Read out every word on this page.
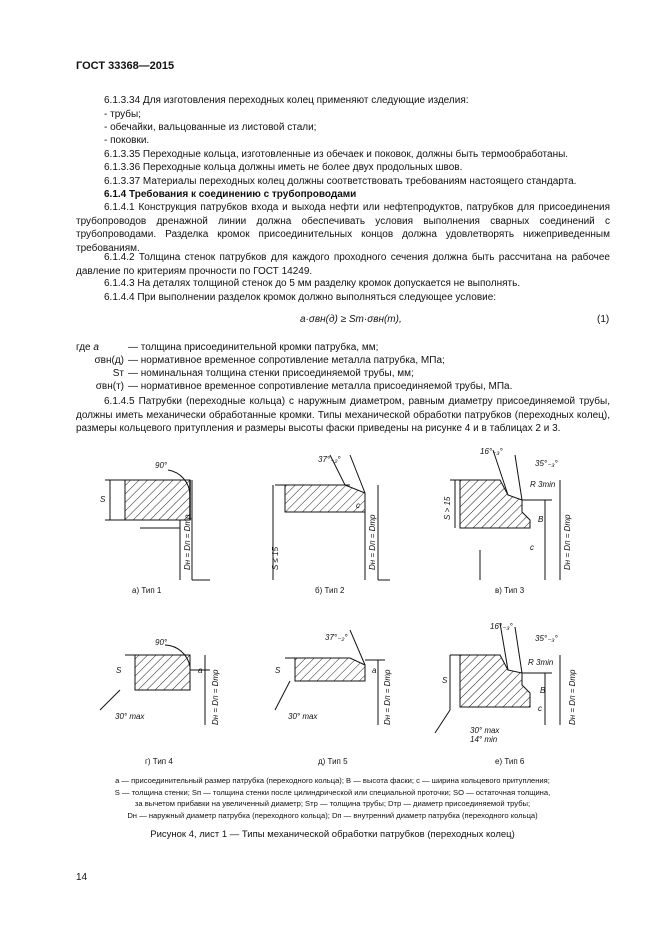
ГОСТ 33368—2015
6.1.3.34 Для изготовления переходных колец применяют следующие изделия:
- трубы;
- обечайки, вальцованные из листовой стали;
- поковки.
6.1.3.35 Переходные кольца, изготовленные из обечаек и поковок, должны быть термообработаны.
6.1.3.36 Переходные кольца должны иметь не более двух продольных швов.
6.1.3.37 Материалы переходных колец должны соответствовать требованиям настоящего стандарта.
6.1.4 Требования к соединению с трубопроводами
6.1.4.1 Конструкция патрубков входа и выхода нефти или нефтепродуктов, патрубков для присоединения трубопроводов дренажной линии должна обеспечивать условия выполнения сварных соединений с трубопроводами. Разделка кромок присоединительных концов должна удовлетворять нижеприведенным требованиям.
6.1.4.2 Толщина стенок патрубков для каждого проходного сечения должна быть рассчитана на рабочее давление по критериям прочности по ГОСТ 14249.
6.1.4.3 На деталях толщиной стенок до 5 мм разделку кромок допускается не выполнять.
6.1.4.4 При выполнении разделок кромок должно выполняться следующее условие:
a·σвн(д) ≥ Sт·σвн(т),	(1)
где a	— толщина присоединительной кромки патрубка, мм;
σвн(д) — нормативное временное сопротивление металла патрубка, МПа;
Sт — номинальная толщина стенки присоединяемой трубы, мм;
σвн(т) — нормативное временное сопротивление металла присоединяемой трубы, МПа.
6.1.4.5 Патрубки (переходные кольца) с наружным диаметром, равным диаметру присоединяемой трубы, должны иметь механически обработанные кромки. Типы механической обработки патрубков (переходных колец), размеры кольцевого притупления и размеры высоты фаски приведены на рисунке 4 и в таблицах 2 и 3.
90°
S
Dн = Dп = Dтр
37°₋₂°
S ≤ 15
c
Dн = Dп = Dтр
16°₋₃°
35°₋₃°
R 3min
S > 15	B
c	Dн = Dп = Dтр
а) Тип 1	б) Тип 2	в) Тип 3
90°
S	a
30° max	Dн = Dп = Dтр
37°₋₂°
S	a
30° max	Dн = Dп = Dтр
16°₋₃°
35°₋₃°
R 3min
S
B
c
30° max
14° min
Dн = Dп = Dтр
г) Тип 4	д) Тип 5	е) Тип 6
a — присоединительный размер патрубка (переходного кольца); B — высота фаски; c — ширина кольцевого притупления;
S — толщина стенки; Sп — толщина стенки после цилиндрической или специальной проточки; SО — остаточная толщина,
за вычетом прибавки на увеличенный диаметр; Sтр — толщина трубы; Dтр — диаметр присоединяемой трубы;
Dн — наружный диаметр патрубка (переходного кольца); Dп — внутренний диаметр патрубка (переходного кольца)
Рисунок 4, лист 1 — Типы механической обработки патрубков (переходных колец)
14
